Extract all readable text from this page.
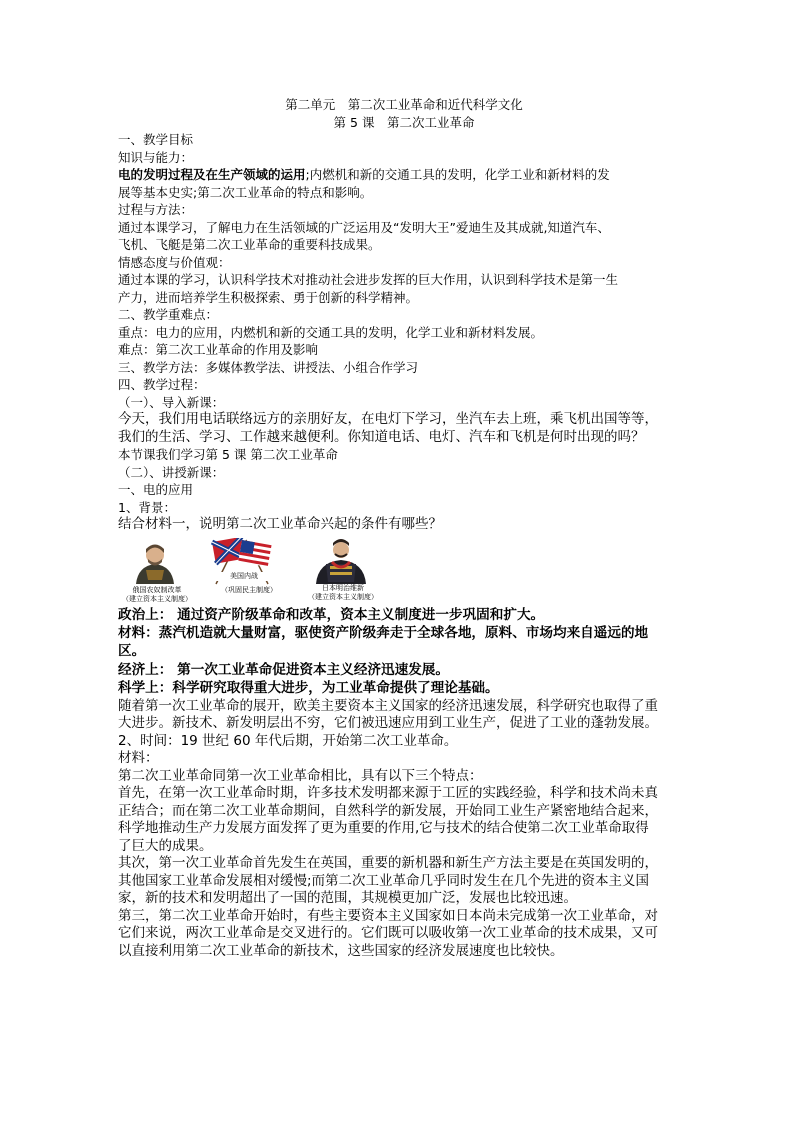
第二单元　第二次工业革命和近代科学文化
第 5 课　第二次工业革命
一、教学目标
知识与能力：
电的发明过程及在生产领域的运用;内燃机和新的交通工具的发明，化学工业和新材料的发
展等基本史实;第二次工业革命的特点和影响。
过程与方法：
通过本课学习，了解电力在生活领域的广泛运用及“发明大王”爱迪生及其成就,知道汽车、
飞机、飞艇是第二次工业革命的重要科技成果。
情感态度与价值观：
通过本课的学习，认识科学技术对推动社会进步发挥的巨大作用，认识到科学技术是第一生
产力，进而培养学生积极探索、勇于创新的科学精神。
二、教学重难点：
重点：电力的应用，内燃机和新的交通工具的发明，化学工业和新材料发展。
难点：第二次工业革命的作用及影响
三、教学方法：多媒体教学法、讲授法、小组合作学习
四、教学过程：
（一）、导入新课：
今天，我们用电话联络远方的亲朋好友，在电灯下学习，坐汽车去上班，乘飞机出国等等，
我们的生活、学习、工作越来越便利。你知道电话、电灯、汽车和飞机是何时出现的吗？
本节课我们学习第 5 课 第二次工业革命
（二）、讲授新课：
一、电的应用
1、背景：
结合材料一，说明第二次工业革命兴起的条件有哪些？
俄国农奴制改革
（建立资本主义制度）
美国内战
（巩固民主制度）	日本明治维新
（建立资本主义制度）
政治上： 通过资产阶级革命和改革，资本主义制度进一步巩固和扩大。
材料：蒸汽机造就大量财富，驱使资产阶级奔走于全球各地，原料、市场均来自遥远的地
区。
经济上： 第一次工业革命促进资本主义经济迅速发展。
科学上：科学研究取得重大进步，为工业革命提供了理论基础。
随着第一次工业革命的展开，欧美主要资本主义国家的经济迅速发展，科学研究也取得了重
大进步。新技术、新发明层出不穷，它们被迅速应用到工业生产，促进了工业的蓬勃发展。
2、时间：19 世纪 60 年代后期，开始第二次工业革命。
材料：
第二次工业革命同第一次工业革命相比，具有以下三个特点：
首先，在第一次工业革命时期，许多技术发明都来源于工匠的实践经验，科学和技术尚未真
正结合；而在第二次工业革命期间，自然科学的新发展，开始同工业生产紧密地结合起来，
科学地推动生产力发展方面发挥了更为重要的作用,它与技术的结合使第二次工业革命取得
了巨大的成果。
其次，第一次工业革命首先发生在英国，重要的新机器和新生产方法主要是在英国发明的，
其他国家工业革命发展相对缓慢;而第二次工业革命几乎同时发生在几个先进的资本主义国
家，新的技术和发明超出了一国的范围，其规模更加广泛，发展也比较迅速。
第三，第二次工业革命开始时，有些主要资本主义国家如日本尚未完成第一次工业革命，对
它们来说，两次工业革命是交叉进行的。它们既可以吸收第一次工业革命的技术成果，又可
以直接利用第二次工业革命的新技术，这些国家的经济发展速度也比较快。
